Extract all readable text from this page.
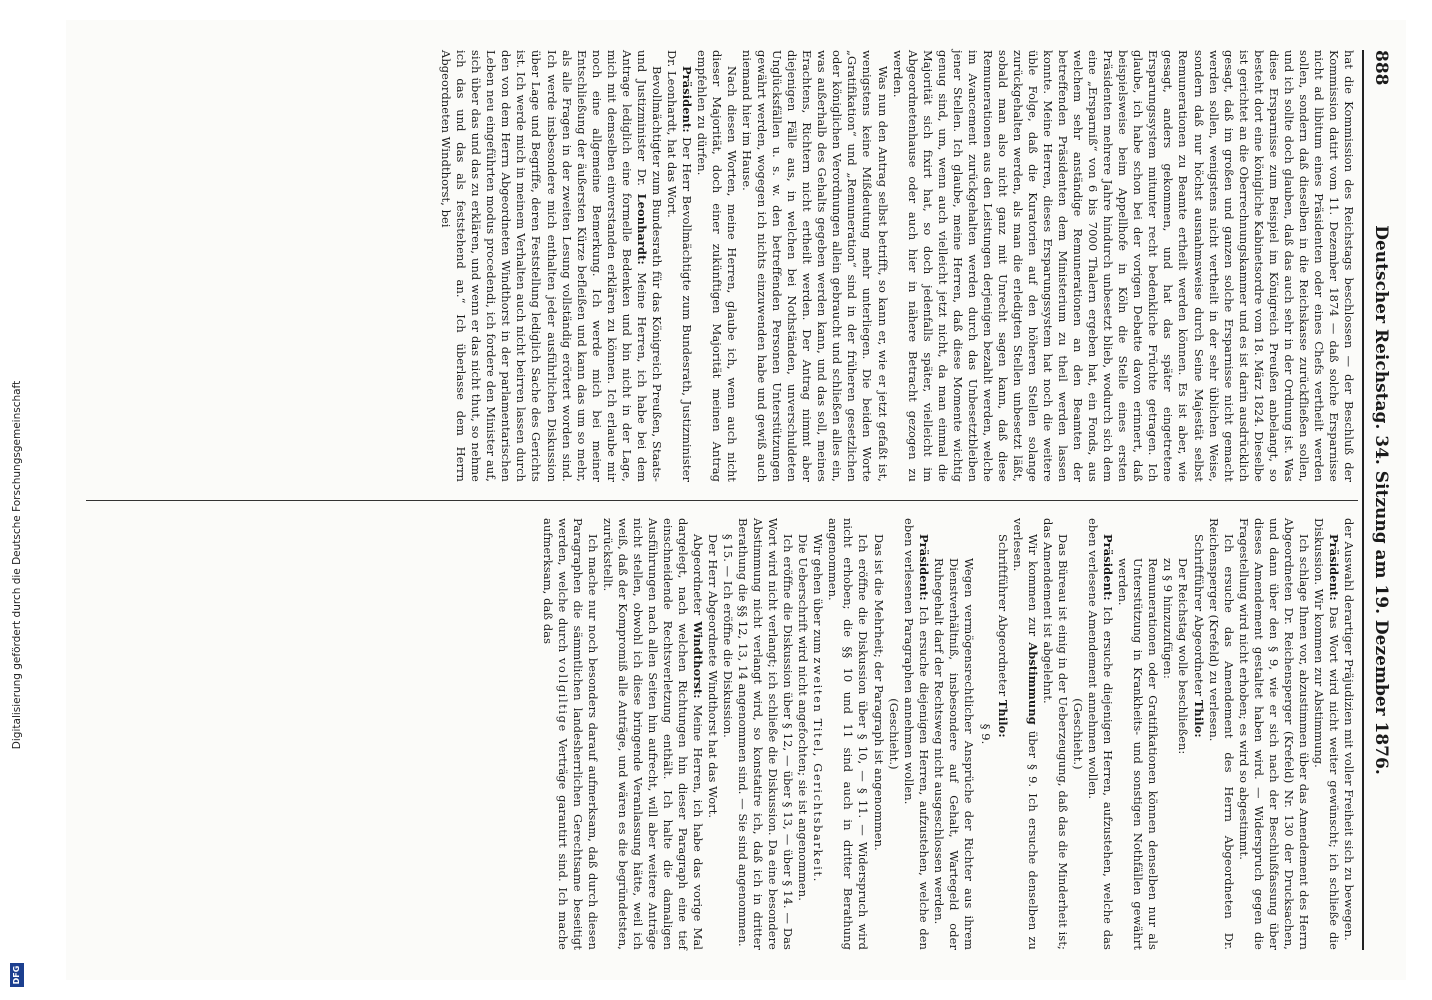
888
Deutscher Reichstag. 34. Sitzung am 19. Dezember 1876.

hat die Kommission des Reichstags beschlossen — der Beschluß der Kommission datirt vom 11. Dezember 1874 — daß solche Ersparnisse nicht ad libitum eines Präsidenten oder eines Chefs vertheilt werden sollen, sondern daß dieselben in die Reichskasse zurückfließen sollen, und ich sollte doch glauben, daß das auch sehr in der Ordnung ist. Was diese Ersparnisse zum Beispiel im Königreich Preußen anbelangt, so besteht dort eine königliche Kabinetsordre vom 18. März 1824. Dieselbe ist gerichtet an die Oberrechnungskammer und es ist darin ausdrücklich gesagt, daß im großen und ganzen solche Ersparnisse nicht gemacht werden sollen, wenigstens nicht vertheilt in der sehr üblichen Weise, sondern daß nur höchst ausnahmsweise durch Seine Majestät selbst Remunerationen zu Beamte ertheilt werden können. Es ist aber, wie gesagt, anders gekommen, und hat das später eingetretene Ersparungssystem mitunter recht bedenkliche Früchte getragen. Ich glaube, ich habe schon bei der vorigen Debatte davon erinnert, daß beispielsweise beim Appellhofe in Köln die Stelle eines ersten Präsidenten mehrere Jahre hindurch unbesetzt blieb, wodurch sich dem eine „Ersparniß“ von 6 bis 7000 Thalern ergeben hat, ein Fonds, aus welchem sehr anständige Remunerationen an den Beamten der betreffenden Präsidenten dem Ministerium zu theil werden lassen konnte. Meine Herren, dieses Ersparungssystem hat noch die weitere üble Folge, daß die Kuratorien auf den höheren Stellen solange zurückgehalten werden, als man die erledigten Stellen unbesetzt läßt, sobald man also nicht ganz mit Unrecht sagen kann, daß diese Remunerationen aus den Leistungen derjenigen bezahlt werden, welche im Avancement zurückgehalten werden durch das Unbesetztbleiben jener Stellen. Ich glaube, meine Herren, daß diese Momente wichtig genug sind, um, wenn auch vielleicht jetzt nicht, da man einmal die Majorität sich fixirt hat, so doch jedenfalls später, vielleicht im Abgeordnetenhause oder auch hier in nähere Betracht gezogen zu werden.

Was nun den Antrag selbst betrifft, so kann er, wie er jetzt gefaßt ist, wenigstens keine Mißdeutung mehr unterliegen. Die beiden Worte „Gratifikation“ und „Remuneration“ sind in der früheren gesetzlichen oder königlichen Verordnungen allein gebraucht und schließen alles ein, was außerhalb des Gehalts gegeben werden kann, und das soll, meines Erachtens, Richtern nicht ertheilt werden. Der Antrag nimmt aber diejenigen Fälle aus, in welchen bei Nothständen, unverschuldeten Unglücksfällen u. s. w. den betreffenden Personen Unterstützungen gewährt werden, wogegen ich nichts einzuwenden habe und gewiß auch niemand hier im Hause.

Nach diesen Worten, meine Herren, glaube ich, wenn auch nicht dieser Majorität, doch einer zukünftigen Majorität meinen Antrag empfehlen zu dürfen.

Präsident: Der Herr Bevollmächtigte zum Bundesrath, Justizminister Dr. Leonhardt, hat das Wort.

Bevollmächtigter zum Bundesrath für das Königreich Preußen, Staats- und Justizminister Dr. Leonhardt: Meine Herren, ich habe bei dem Antrage lediglich eine formelle Bedenken und bin nicht in der Lage, mich mit demselben einverstanden erklären zu können. Ich erlaube mir noch eine allgemeine Bemerkung. Ich werde mich bei meiner Entschließung der äußersten Kürze befleißen und kann das um so mehr, als alle Fragen in der zweiten Lesung vollständig erörtert worden sind. Ich werde insbesondere mich enthalten jeder ausführlichen Diskussion über Lage und Begriffe, deren Feststellung lediglich Sache des Gerichts ist. Ich werde mich in meinem Verhalten auch nicht beirren lassen durch den von dem Herrn Abgeordneten Windthorst in der parlamentarischen Leben neu eingeführten modus procedendi, ich fordere den Minister auf, sich über das und das zu erklären, und wenn er das nicht thut, so nehme ich das und das als feststehend an.“ Ich überlasse dem Herrn Abgeordneten Windthorst, bei

der Auswahl derartiger Präjudizien mit voller Freiheit sich zu bewegen.

Präsident: Das Wort wird nicht weiter gewünscht; ich schließe die Diskussion. Wir kommen zur Abstimmung.

Ich schlage Ihnen vor, abzustimmen über das Amendement des Herrn Abgeordneten Dr. Reichensperger (Krefeld) Nr. 130 der Drucksachen, und dann über den § 9, wie er sich nach der Beschlußfassung über dieses Amendement gestaltet haben wird. — Widerspruch gegen die Fragestellung wird nicht erhoben; es wird so abgestimmt.

Ich ersuche das Amendement des Herrn Abgeordneten Dr. Reichensperger (Krefeld) zu verlesen.

Schriftführer Abgeordneter Thilo:

Der Reichstag wolle beschließen:
zu § 9 hinzuzufügen:
Remunerationen oder Gratifikationen können denselben nur als Unterstützung in Krankheits- und sonstigen Nothfällen gewährt werden.

Präsident: Ich ersuche diejenigen Herren, aufzustehen, welche das eben verlesene Amendement annehmen wollen.

(Geschieht.)

Das Büreau ist einig in der Ueberzeugung, daß das die Minderheit ist; das Amendement ist abgelehnt.

Wir kommen zur Abstimmung über § 9. Ich ersuche denselben zu verlesen.

Schriftführer Abgeordneter Thilo:

§ 9.

Wegen vermögensrechtlicher Ansprüche der Richter aus ihrem Dienstverhältniß, insbesondere auf Gehalt, Wartegeld oder Ruhegehalt darf der Rechtsweg nicht ausgeschlossen werden.

Präsident: Ich ersuche diejenigen Herren, aufzustehen, welche den eben verlesenen Paragraphen annehmen wollen.

(Geschieht.)

Das ist die Mehrheit; der Paragraph ist angenommen.

Ich eröffne die Diskussion über § 10, — § 11. — Widerspruch wird nicht erhoben; die §§ 10 und 11 sind auch in dritter Berathung angenommen.

Wir gehen über zum zweiten Titel, Gerichtsbarkeit.

Die Ueberschrift wird nicht angefochten; sie ist angenommen.

Ich eröffne die Diskussion über § 12, — über § 13, — über § 14. — Das Wort wird nicht verlangt; ich schließe die Diskussion. Da eine besondere Abstimmung nicht verlangt wird, so konstatire ich, daß ich in dritter Berathung die §§ 12, 13, 14 angenommen sind. — Sie sind angenommen.

§ 15. — Ich eröffne die Diskussion.

Der Herr Abgeordnete Windthorst hat das Wort.

Abgeordneter Windthorst: Meine Herren, ich habe das vorige Mal dargelegt, nach welchen Richtungen hin dieser Paragraph eine tief einschneidende Rechtsverletzung enthält. Ich halte die damaligen Ausführungen nach allen Seiten hin aufrecht, will aber weitere Anträge nicht stellen, obwohl ich diese bringende Veranlassung hätte, weil ich weiß, daß der Kompromiß alle Anträge, und wären es die begründetsten, zurückstellt.

Ich mache nur noch besonders darauf aufmerksam, daß durch diesen Paragraphen die sämmtlichen landesherrlichen Gerechtsame beseitigt werden, welche durch vollgiltige Verträge garantirt sind. Ich mache aufmerksam, daß das

Digitalisierung gefördert durch die Deutsche Forschungsgemeinschaft
DFG
